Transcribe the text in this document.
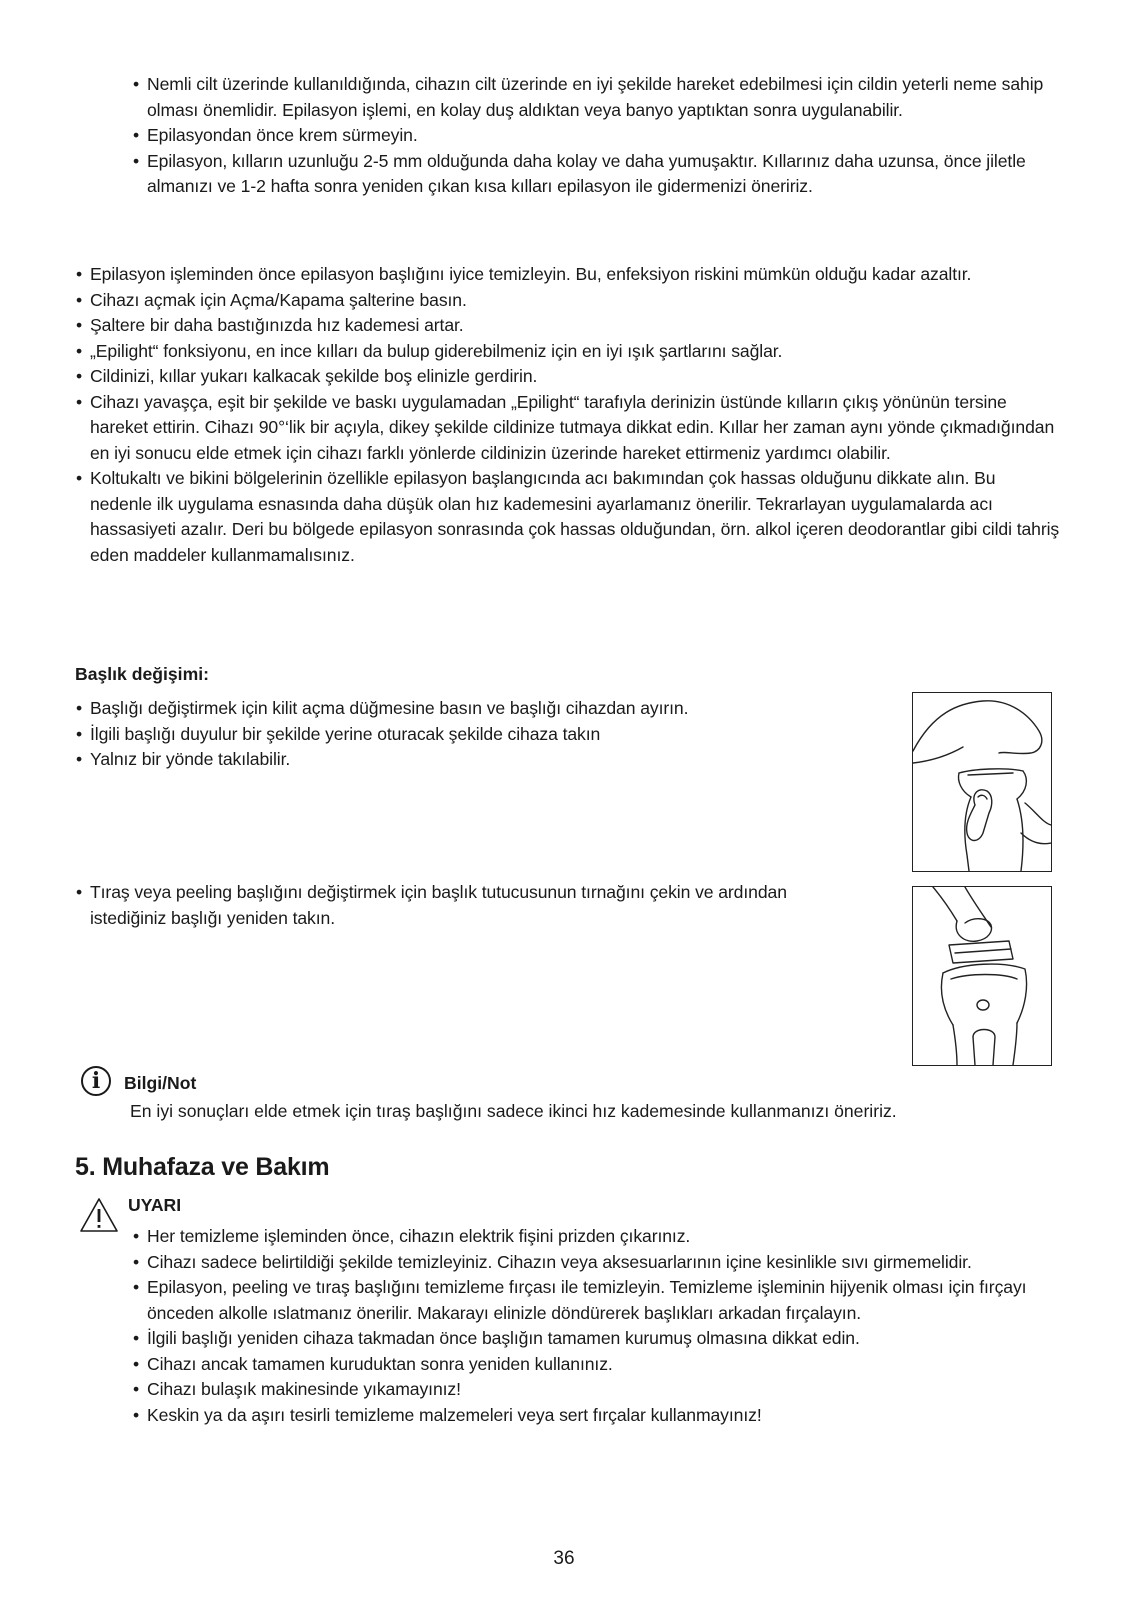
• Nemli cilt üzerinde kullanıldığında, cihazın cilt üzerinde en iyi şekilde hareket edebilmesi için cildin yeterli neme sahip olması önemlidir. Epilasyon işlemi, en kolay duş aldıktan veya banyo yaptıktan sonra uygulanabilir.
• Epilasyondan önce krem sürmeyin.
• Epilasyon, kılların uzunluğu 2-5 mm olduğunda daha kolay ve daha yumuşaktır. Kıllarınız daha uzunsa, önce jiletle almanızı ve 1-2 hafta sonra yeniden çıkan kısa kılları epilasyon ile gidermenizi öneririz.
• Epilasyon işleminden önce epilasyon başlığını iyice temizleyin. Bu, enfeksiyon riskini mümkün olduğu kadar azaltır.
• Cihazı açmak için Açma/Kapama şalterine basın.
• Şaltere bir daha bastığınızda hız kademesi artar.
• „Epilight“ fonksiyonu, en ince kılları da bulup giderebilmeniz için en iyi ışık şartlarını sağlar.
• Cildinizi, kıllar yukarı kalkacak şekilde boş elinizle gerdirin.
• Cihazı yavaşça, eşit bir şekilde ve baskı uygulamadan „Epilight“ tarafıyla derinizin üstünde kılların çıkış yönünün tersine hareket ettirin. Cihazı 90°‘lik bir açıyla, dikey şekilde cildinize tutmaya dikkat edin. Kıllar her zaman aynı yönde çıkmadığından en iyi sonucu elde etmek için cihazı farklı yönlerde cildinizin üzerinde hareket ettirmeniz yardımcı olabilir.
• Koltukaltı ve bikini bölgelerinin özellikle epilasyon başlangıcında acı bakımından çok hassas olduğunu dikkate alın. Bu nedenle ilk uygulama esnasında daha düşük olan hız kademesini ayarlamanız önerilir. Tekrarlayan uygulamalarda acı hassasiyeti azalır. Deri bu bölgede epilasyon sonrasında çok hassas olduğundan, örn. alkol içeren deodorantlar gibi cildi tahriş eden maddeler kullanmamalısınız.
Başlık değişimi:
• Başlığı değiştirmek için kilit açma düğmesine basın ve başlığı cihazdan ayırın.
• İlgili başlığı duyulur bir şekilde yerine oturacak şekilde cihaza takın
• Yalnız bir yönde takılabilir.
• Tıraş veya peeling başlığını değiştirmek için başlık tutucusunun tırnağını çekin ve ardından istediğiniz başlığı yeniden takın.
i	Bilgi/Not

En iyi sonuçları elde etmek için tıraş başlığını sadece ikinci hız kademesinde kullanmanızı öneririz.

5. Muhafaza ve Bakım
UYARI
• Her temizleme işleminden önce, cihazın elektrik fişini prizden çıkarınız.
• Cihazı sadece belirtildiği şekilde temizleyiniz. Cihazın veya aksesuarlarının içine kesinlikle sıvı girmemelidir.
• Epilasyon, peeling ve tıraş başlığını temizleme fırçası ile temizleyin. Temizleme işleminin hijyenik olması için fırçayı önceden alkolle ıslatmanız önerilir. Makarayı elinizle döndürerek başlıkları arkadan fırçalayın.
• İlgili başlığı yeniden cihaza takmadan önce başlığın tamamen kurumuş olmasına dikkat edin.
• Cihazı ancak tamamen kuruduktan sonra yeniden kullanınız.
• Cihazı bulaşık makinesinde yıkamayınız!
• Keskin ya da aşırı tesirli temizleme malzemeleri veya sert fırçalar kullanmayınız!
36
